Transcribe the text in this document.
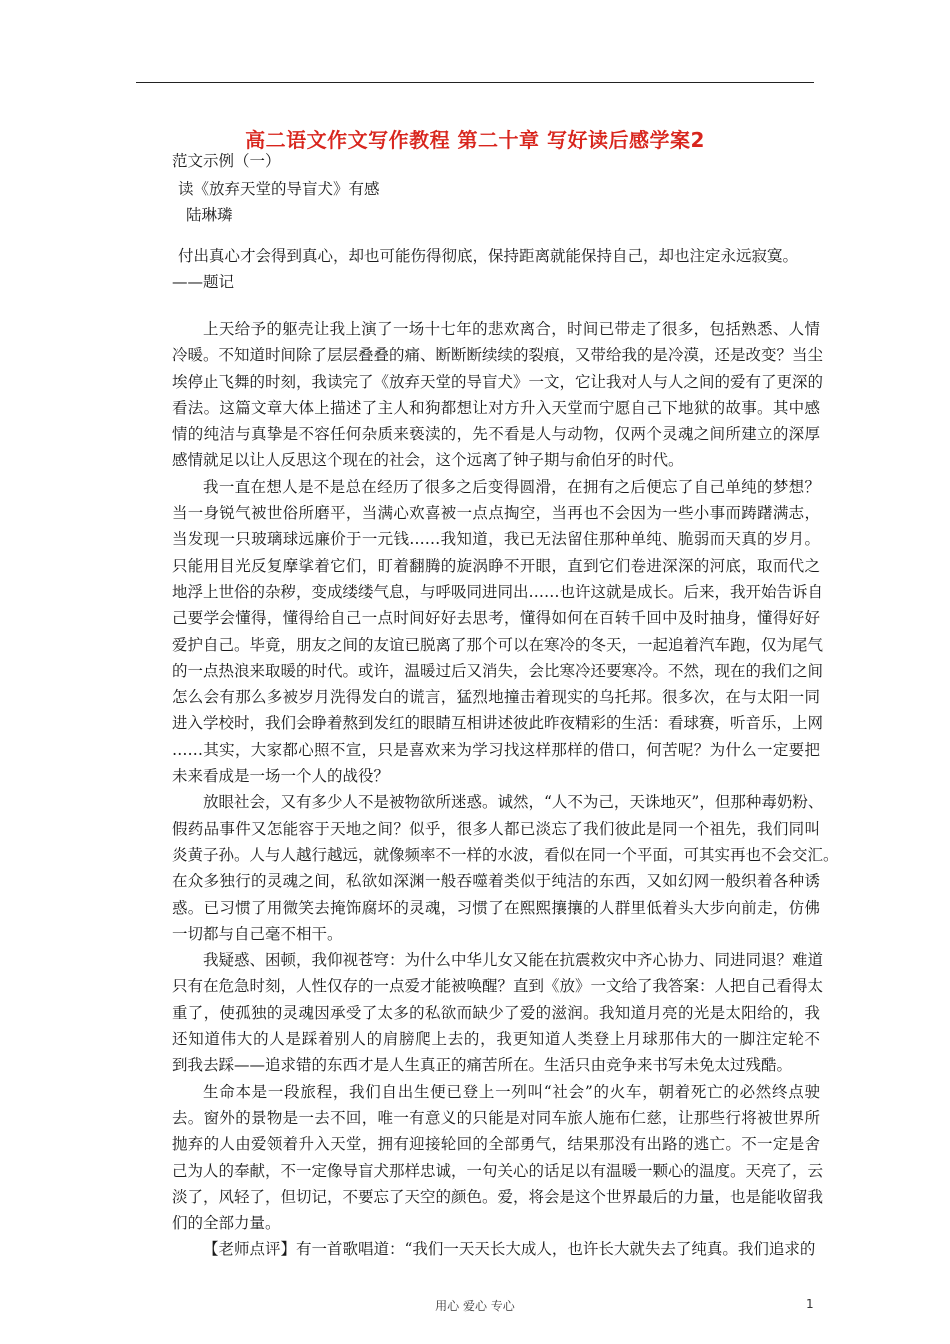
高二语文作文写作教程 第二十章 写好读后感学案2
范文示例（一）
读《放弃天堂的导盲犬》有感
陆琳璘
付出真心才会得到真心，却也可能伤得彻底，保持距离就能保持自己，却也注定永远寂寞。
——题记

上天给予的躯壳让我上演了一场十七年的悲欢离合，时间已带走了很多，包括熟悉、人情
冷暖。不知道时间除了层层叠叠的痛、断断断续续的裂痕，又带给我的是冷漠，还是改变？当尘
埃停止飞舞的时刻，我读完了《放弃天堂的导盲犬》一文，它让我对人与人之间的爱有了更深的
看法。这篇文章大体上描述了主人和狗都想让对方升入天堂而宁愿自己下地狱的故事。其中感
情的纯洁与真挚是不容任何杂质来亵渎的，先不看是人与动物，仅两个灵魂之间所建立的深厚
感情就足以让人反思这个现在的社会，这个远离了钟子期与俞伯牙的时代。

我一直在想人是不是总在经历了很多之后变得圆滑，在拥有之后便忘了自己单纯的梦想？
当一身锐气被世俗所磨平，当满心欢喜被一点点掏空，当再也不会因为一些小事而踌躇满志，
当发现一只玻璃球远廉价于一元钱……我知道，我已无法留住那种单纯、脆弱而天真的岁月。
只能用目光反复摩挲着它们，盯着翻腾的旋涡睁不开眼，直到它们卷进深深的河底，取而代之
地浮上世俗的杂秽，变成缕缕气息，与呼吸同进同出……也许这就是成长。后来，我开始告诉自
己要学会懂得，懂得给自己一点时间好好去思考，懂得如何在百转千回中及时抽身，懂得好好
爱护自己。毕竟，朋友之间的友谊已脱离了那个可以在寒冷的冬天，一起追着汽车跑，仅为尾气
的一点热浪来取暖的时代。或许，温暖过后又消失，会比寒冷还要寒冷。不然，现在的我们之间
怎么会有那么多被岁月洗得发白的谎言，猛烈地撞击着现实的乌托邦。很多次，在与太阳一同
进入学校时，我们会睁着熬到发红的眼睛互相讲述彼此昨夜精彩的生活：看球赛，听音乐，上网
……其实，大家都心照不宣，只是喜欢来为学习找这样那样的借口，何苦呢？为什么一定要把
未来看成是一场一个人的战役？

放眼社会，又有多少人不是被物欲所迷惑。诚然，“人不为己，天诛地灭”，但那种毒奶粉、
假药品事件又怎能容于天地之间？似乎，很多人都已淡忘了我们彼此是同一个祖先，我们同叫
炎黄子孙。人与人越行越远，就像频率不一样的水波，看似在同一个平面，可其实再也不会交汇。
在众多独行的灵魂之间，私欲如深渊一般吞噬着类似于纯洁的东西，又如幻网一般织着各种诱
惑。已习惯了用微笑去掩饰腐坏的灵魂，习惯了在熙熙攘攘的人群里低着头大步向前走，仿佛
一切都与自己毫不相干。

我疑惑、困顿，我仰视苍穹：为什么中华儿女又能在抗震救灾中齐心协力、同进同退？难道
只有在危急时刻，人性仅存的一点爱才能被唤醒？直到《放》一文给了我答案：人把自己看得太
重了，使孤独的灵魂因承受了太多的私欲而缺少了爱的滋润。我知道月亮的光是太阳给的，我
还知道伟大的人是踩着别人的肩膀爬上去的，我更知道人类登上月球那伟大的一脚注定轮不
到我去踩——追求错的东西才是人生真正的痛苦所在。生活只由竞争来书写未免太过残酷。

生命本是一段旅程，我们自出生便已登上一列叫“社会”的火车，朝着死亡的必然终点驶
去。窗外的景物是一去不回，唯一有意义的只能是对同车旅人施布仁慈，让那些行将被世界所
抛弃的人由爱领着升入天堂，拥有迎接轮回的全部勇气，结果那没有出路的逃亡。不一定是舍
己为人的奉献，不一定像导盲犬那样忠诚，一句关心的话足以有温暖一颗心的温度。天亮了，云
淡了，风轻了，但切记，不要忘了天空的颜色。爱，将会是这个世界最后的力量，也是能收留我
们的全部力量。

【老师点评】有一首歌唱道：“我们一天天长大成人，也许长大就失去了纯真。我们追求的

用心 爱心 专心	1
